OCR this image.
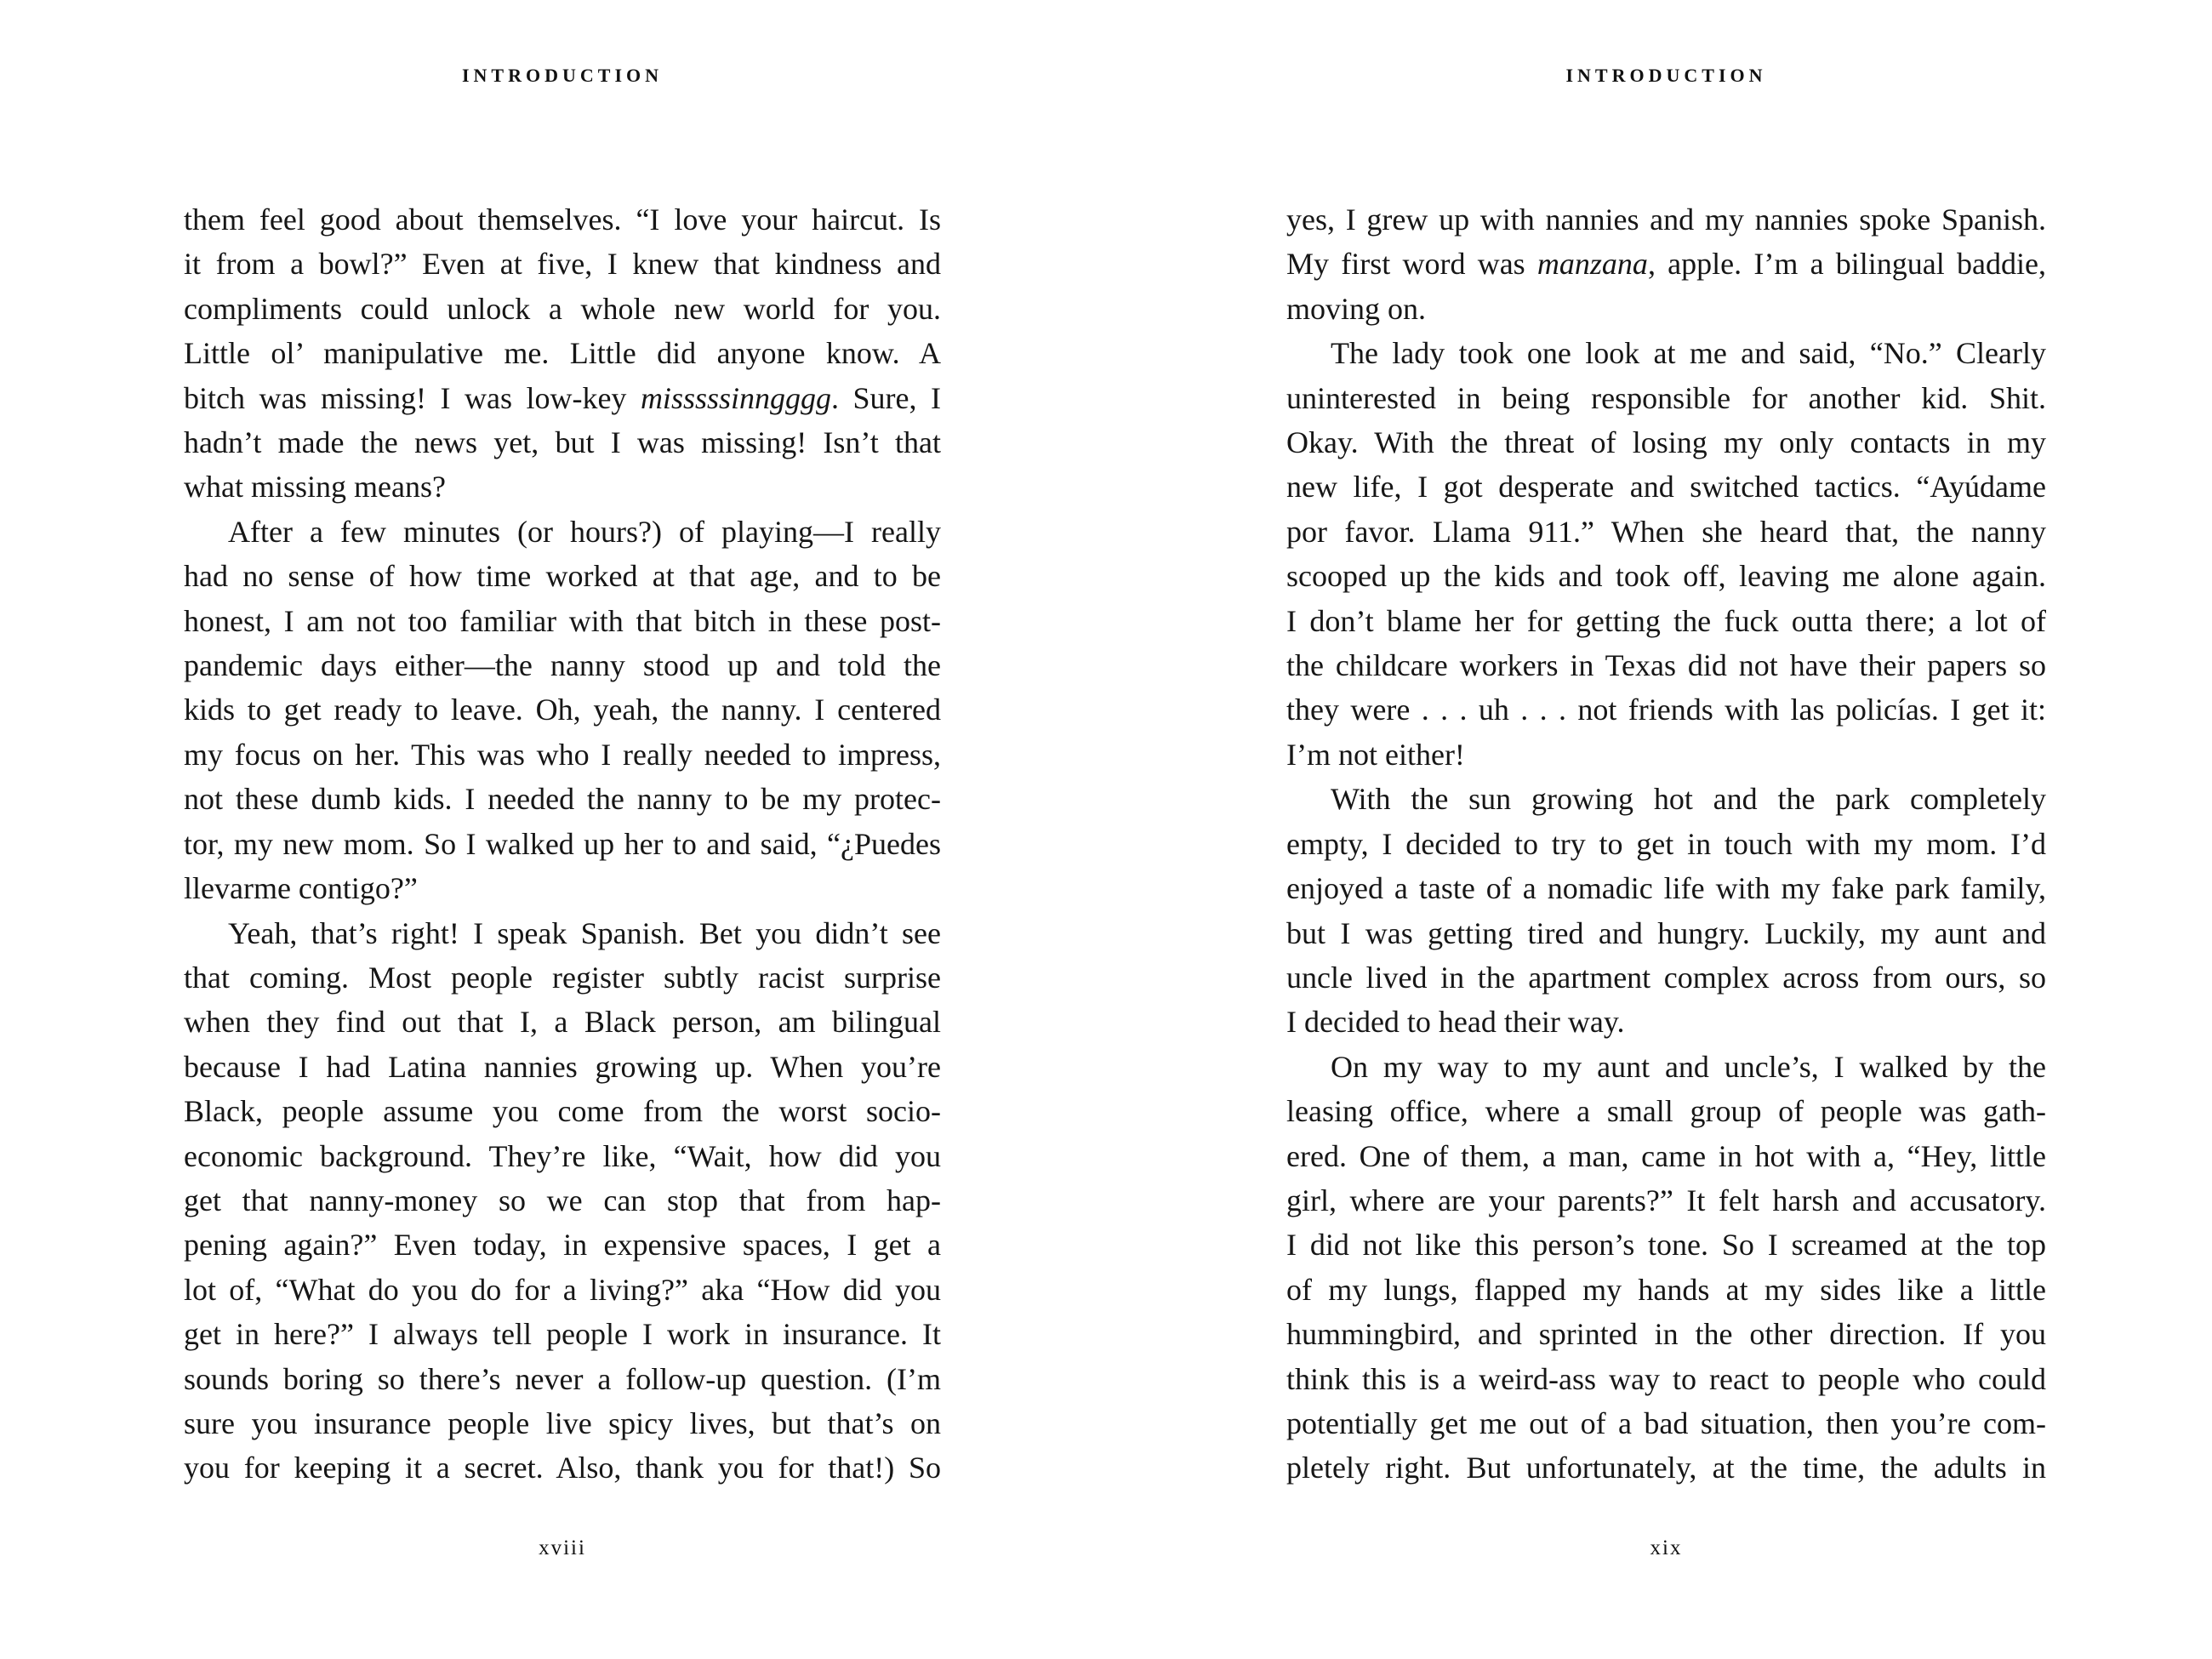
INTRODUCTION
them feel good about themselves. “I love your haircut. Is
it from a bowl?” Even at five, I knew that kindness and
compliments could unlock a whole new world for you.
Little ol’ manipulative me. Little did anyone know. A
bitch was missing! I was low-key misssssinngggg. Sure, I
hadn’t made the news yet, but I was missing! Isn’t that
what missing means?
After a few minutes (or hours?) of playing—I really
had no sense of how time worked at that age, and to be
honest, I am not too familiar with that bitch in these post-
pandemic days either—the nanny stood up and told the
kids to get ready to leave. Oh, yeah, the nanny. I centered
my focus on her. This was who I really needed to impress,
not these dumb kids. I needed the nanny to be my protec-
tor, my new mom. So I walked up her to and said, “¿Puedes
llevarme contigo?”
Yeah, that’s right! I speak Spanish. Bet you didn’t see
that coming. Most people register subtly racist surprise
when they find out that I, a Black person, am bilingual
because I had Latina nannies growing up. When you’re
Black, people assume you come from the worst socio-
economic background. They’re like, “Wait, how did you
get that nanny-money so we can stop that from hap-
pening again?” Even today, in expensive spaces, I get a
lot of, “What do you do for a living?” aka “How did you
get in here?” I always tell people I work in insurance. It
sounds boring so there’s never a follow-up question. (I’m
sure you insurance people live spicy lives, but that’s on
you for keeping it a secret. Also, thank you for that!) So
xviii
INTRODUCTION
yes, I grew up with nannies and my nannies spoke Spanish.
My first word was manzana, apple. I’m a bilingual baddie,
moving on.
The lady took one look at me and said, “No.” Clearly
uninterested in being responsible for another kid. Shit.
Okay. With the threat of losing my only contacts in my
new life, I got desperate and switched tactics. “Ayúdame
por favor. Llama 911.” When she heard that, the nanny
scooped up the kids and took off, leaving me alone again.
I don’t blame her for getting the fuck outta there; a lot of
the childcare workers in Texas did not have their papers so
they were . . . uh . . . not friends with las policías. I get it:
I’m not either!
With the sun growing hot and the park completely
empty, I decided to try to get in touch with my mom. I’d
enjoyed a taste of a nomadic life with my fake park family,
but I was getting tired and hungry. Luckily, my aunt and
uncle lived in the apartment complex across from ours, so
I decided to head their way.
On my way to my aunt and uncle’s, I walked by the
leasing office, where a small group of people was gath-
ered. One of them, a man, came in hot with a, “Hey, little
girl, where are your parents?” It felt harsh and accusatory.
I did not like this person’s tone. So I screamed at the top
of my lungs, flapped my hands at my sides like a little
hummingbird, and sprinted in the other direction. If you
think this is a weird-ass way to react to people who could
potentially get me out of a bad situation, then you’re com-
pletely right. But unfortunately, at the time, the adults in
xix
